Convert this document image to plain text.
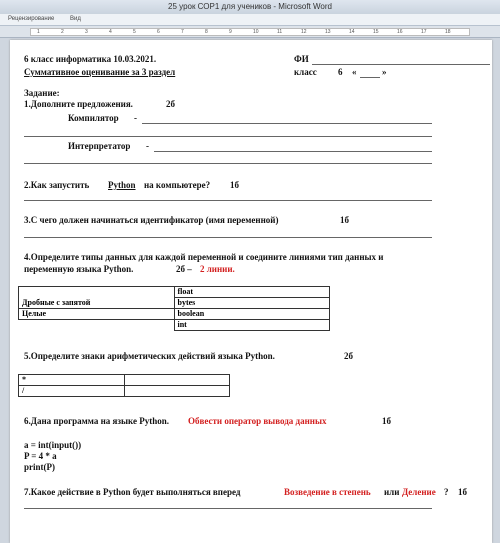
25 урок СОР1 для учеников - Microsoft Word
Рецензирование	Вид
1	2	3	4	5	6	7	8	9	10	11	12	13	14	15	16	17	18
6 класс информатика 10.03.2021.	ФИ
Суммативное оценивание за 3 раздел	класс 6 «	»
Задание:
1.Дополните предложения.	2б
Компилятор -
Интерпретатор -
2.Как запустить Python на компьютере? 1б
3.С чего должен начинаться идентификатор (имя переменной)	1б
4.Определите типы данных для каждой переменной и соедините линиями тип данных и
переменную языка Python.	2б – 2 линии.
	float
Дробные с запятой	bytes
Целые	boolean
	int
5.Определите знаки арифметических действий языка Python.	2б
*	
/	
6.Дана программа на языке Python. Обвести оператор вывода данных	1б
a = int(input())
P = 4 * a
print(P)
7.Какое действие в Python будет выполняться вперед	Возведение в степень или Деление ? 1б
